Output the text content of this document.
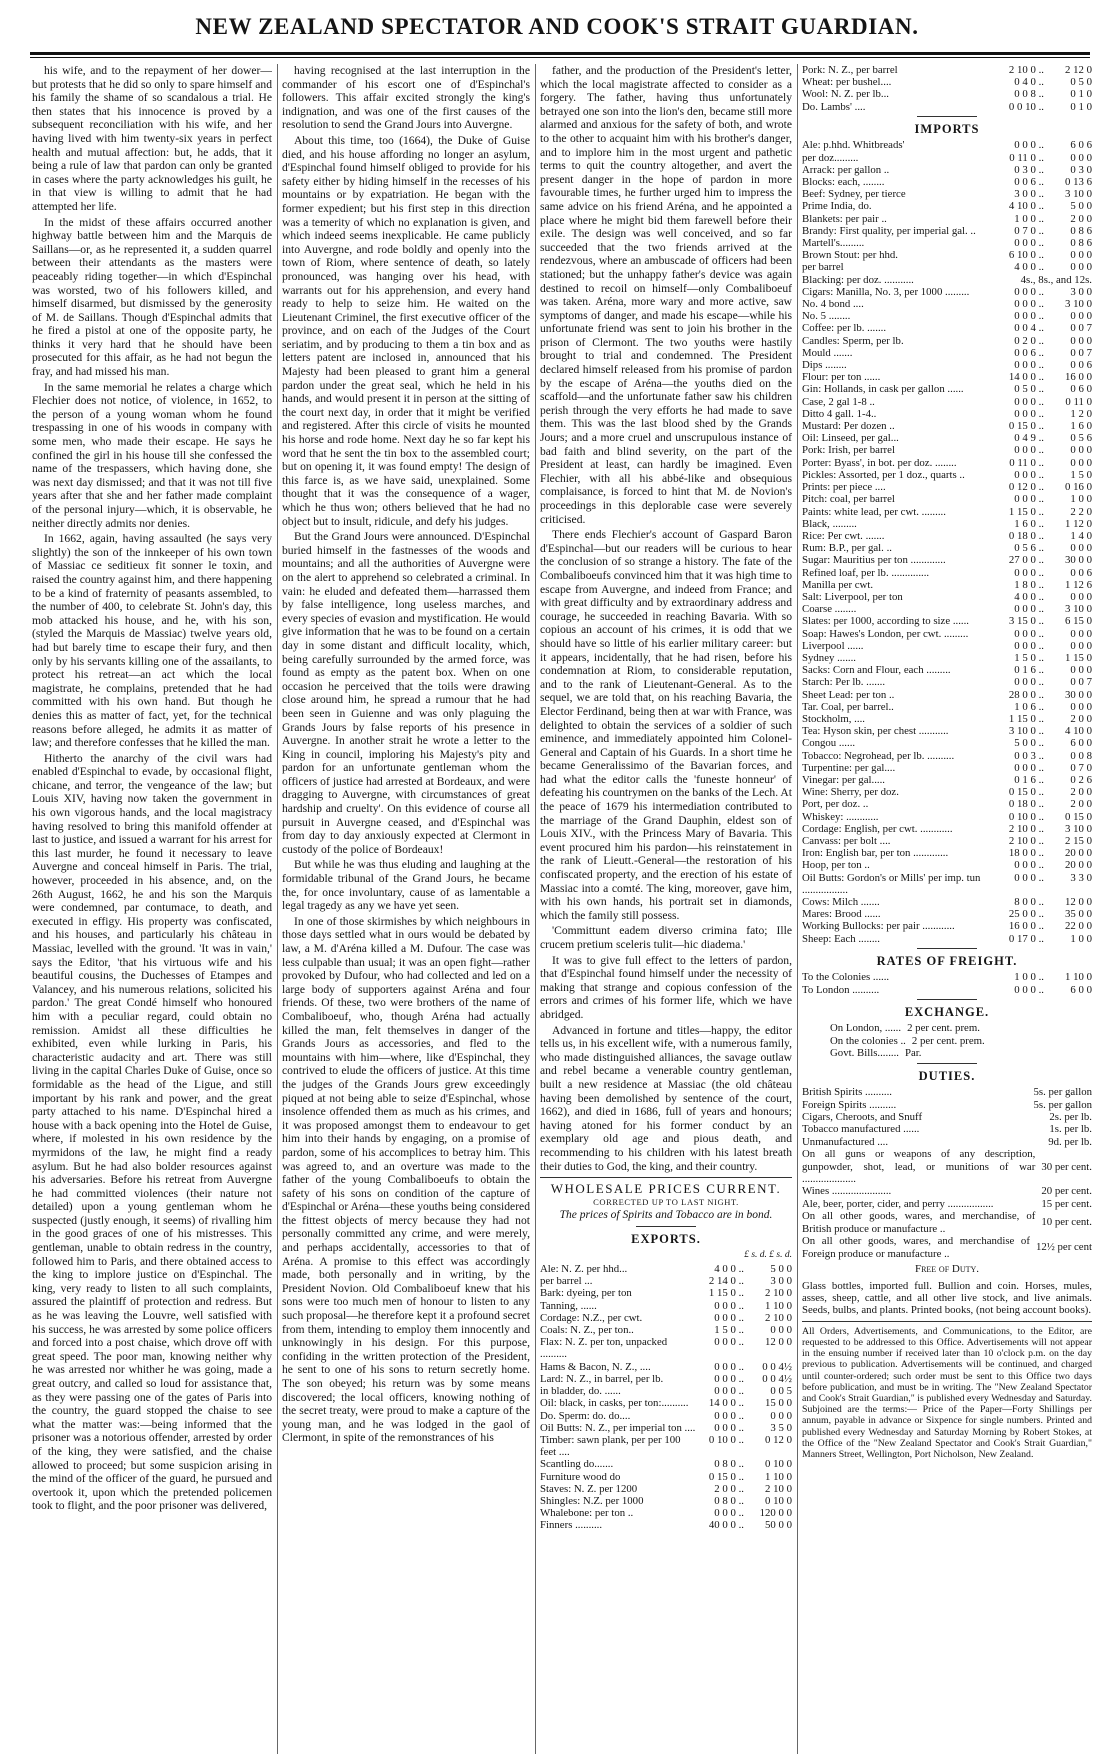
NEW ZEALAND SPECTATOR AND COOK'S STRAIT GUARDIAN.

his wife, and to the repayment of her dower—but protests that he did so only to spare himself and his family the shame of so scandalous a trial. He then states that his innocence is proved by a subsequent reconciliation with his wife, and her having lived with him twenty-six years in perfect health and mutual affection: but, he adds, that it being a rule of law that pardon can only be granted in cases where the party acknowledges his guilt, he in that view is willing to admit that he had attempted her life.

In the midst of these affairs occurred another highway battle between him and the Marquis de Saillans—or, as he represented it, a sudden quarrel between their attendants as the masters were peaceably riding together—in which d'Espinchal was worsted, two of his followers killed, and himself disarmed, but dismissed by the generosity of M. de Saillans. Though d'Espinchal admits that he fired a pistol at one of the opposite party, he thinks it very hard that he should have been prosecuted for this affair, as he had not begun the fray, and had missed his man.

In the same memorial he relates a charge which Flechier does not notice, of violence, in 1652, to the person of a young woman whom he found trespassing in one of his woods in company with some men, who made their escape. He says he confined the girl in his house till she confessed the name of the trespassers, which having done, she was next day dismissed; and that it was not till five years after that she and her father made complaint of the personal injury—which, it is observable, he neither directly admits nor denies.

In 1662, again, having assaulted (he says very slightly) the son of the innkeeper of his own town of Massiac ce seditieux fit sonner le toxin, and raised the country against him, and there happening to be a kind of fraternity of peasants assembled, to the number of 400, to celebrate St. John's day, this mob attacked his house, and he, with his son, (styled the Marquis de Massiac) twelve years old, had but barely time to escape their fury, and then only by his servants killing one of the assailants, to protect his retreat—an act which the local magistrate, he complains, pretended that he had committed with his own hand. But though he denies this as matter of fact, yet, for the technical reasons before alleged, he admits it as matter of law; and therefore confesses that he killed the man.

Hitherto the anarchy of the civil wars had enabled d'Espinchal to evade, by occasional flight, chicane, and terror, the vengeance of the law; but Louis XIV, having now taken the government in his own vigorous hands, and the local magistracy having resolved to bring this manifold offender at last to justice, and issued a warrant for his arrest for this last murder, he found it necessary to leave Auvergne and conceal himself in Paris. The trial, however, proceeded in his absence, and, on the 26th August, 1662, he and his son the Marquis were condemned, par contumace, to death, and executed in effigy. His property was confiscated, and his houses, and particularly his château in Massiac, levelled with the ground. 'It was in vain,' says the Editor, 'that his virtuous wife and his beautiful cousins, the Duchesses of Etampes and Valancey, and his numerous relations, solicited his pardon.' The great Condé himself who honoured him with a peculiar regard, could obtain no remission. Amidst all these difficulties he exhibited, even while lurking in Paris, his characteristic audacity and art. There was still living in the capital Charles Duke of Guise, once so formidable as the head of the Ligue, and still important by his rank and power, and the great party attached to his name. D'Espinchal hired a house with a back opening into the Hotel de Guise, where, if molested in his own residence by the myrmidons of the law, he might find a ready asylum. But he had also bolder resources against his adversaries. Before his retreat from Auvergne he had committed violences (their nature not detailed) upon a young gentleman whom he suspected (justly enough, it seems) of rivalling him in the good graces of one of his mistresses. This gentleman, unable to obtain redress in the country, followed him to Paris, and there obtained access to the king to implore justice on d'Espinchal. The king, very ready to listen to all such complaints, assured the plaintiff of protection and redress. But as he was leaving the Louvre, well satisfied with his success, he was arrested by some police officers and forced into a post chaise, which drove off with great speed. The poor man, knowing neither why he was arrested nor whither he was going, made a great outcry, and called so loud for assistance that, as they were passing one of the gates of Paris into the country, the guard stopped the chaise to see what the matter was:—being informed that the prisoner was a notorious offender, arrested by order of the king, they were satisfied, and the chaise allowed to proceed; but some suspicion arising in the mind of the officer of the guard, he pursued and overtook it, upon which the pretended policemen took to flight, and the poor prisoner was delivered,

having recognised at the last interruption in the commander of his escort one of d'Espinchal's followers. This affair excited strongly the king's indignation, and was one of the first causes of the resolution to send the Grand Jours into Auvergne.

About this time, too (1664), the Duke of Guise died, and his house affording no longer an asylum, d'Espinchal found himself obliged to provide for his safety either by hiding himself in the recesses of his mountains or by expatriation. He began with the former expedient; but his first step in this direction was a temerity of which no explanation is given, and which indeed seems inexplicable. He came publicly into Auvergne, and rode boldly and openly into the town of Riom, where sentence of death, so lately pronounced, was hanging over his head, with warrants out for his apprehension, and every hand ready to help to seize him. He waited on the Lieutenant Criminel, the first executive officer of the province, and on each of the Judges of the Court seriatim, and by producing to them a tin box and as letters patent are inclosed in, announced that his Majesty had been pleased to grant him a general pardon under the great seal, which he held in his hands, and would present it in person at the sitting of the court next day, in order that it might be verified and registered. After this circle of visits he mounted his horse and rode home. Next day he so far kept his word that he sent the tin box to the assembled court; but on opening it, it was found empty! The design of this farce is, as we have said, unexplained. Some thought that it was the consequence of a wager, which he thus won; others believed that he had no object but to insult, ridicule, and defy his judges.

But the Grand Jours were announced. D'Espinchal buried himself in the fastnesses of the woods and mountains; and all the authorities of Auvergne were on the alert to apprehend so celebrated a criminal. In vain: he eluded and defeated them—harrassed them by false intelligence, long useless marches, and every species of evasion and mystification. He would give information that he was to be found on a certain day in some distant and difficult locality, which, being carefully surrounded by the armed force, was found as empty as the patent box. When on one occasion he perceived that the toils were drawing close around him, he spread a rumour that he had been seen in Guienne and was only plaguing the Grands Jours by false reports of his presence in Auvergne. In another strait he wrote a letter to the King in council, imploring his Majesty's pity and pardon for an unfortunate gentleman whom the officers of justice had arrested at Bordeaux, and were dragging to Auvergne, with circumstances of great hardship and cruelty'. On this evidence of course all pursuit in Auvergne ceased, and d'Espinchal was from day to day anxiously expected at Clermont in custody of the police of Bordeaux!

But while he was thus eluding and laughing at the formidable tribunal of the Grand Jours, he became the, for once involuntary, cause of as lamentable a legal tragedy as any we have yet seen.

In one of those skirmishes by which neighbours in those days settled what in ours would be debated by law, a M. d'Aréna killed a M. Dufour. The case was less culpable than usual; it was an open fight—rather provoked by Dufour, who had collected and led on a large body of supporters against Aréna and four friends. Of these, two were brothers of the name of Combaliboeuf, who, though Aréna had actually killed the man, felt themselves in danger of the Grands Jours as accessories, and fled to the mountains with him—where, like d'Espinchal, they contrived to elude the officers of justice. At this time the judges of the Grands Jours grew exceedingly piqued at not being able to seize d'Espinchal, whose insolence offended them as much as his crimes, and it was proposed amongst them to endeavour to get him into their hands by engaging, on a promise of pardon, some of his accomplices to betray him. This was agreed to, and an overture was made to the father of the young Combaliboeufs to obtain the safety of his sons on condition of the capture of d'Espinchal or Aréna—these youths being considered the fittest objects of mercy because they had not personally committed any crime, and were merely, and perhaps accidentally, accessories to that of Aréna. A promise to this effect was accordingly made, both personally and in writing, by the President Novion. Old Combaliboeuf knew that his sons were too much men of honour to listen to any such proposal—he therefore kept it a profound secret from them, intending to employ them innocently and unknowingly in his design. For this purpose, confiding in the written protection of the President, he sent to one of his sons to return secretly home. The son obeyed; his return was by some means discovered; the local officers, knowing nothing of the secret treaty, were proud to make a capture of the young man, and he was lodged in the gaol of Clermont, in spite of the remonstrances of his

father, and the production of the President's letter, which the local magistrate affected to consider as a forgery. The father, having thus unfortunately betrayed one son into the lion's den, became still more alarmed and anxious for the safety of both, and wrote to the other to acquaint him with his brother's danger, and to implore him in the most urgent and pathetic terms to quit the country altogether, and avert the present danger in the hope of pardon in more favourable times, he further urged him to impress the same advice on his friend Aréna, and he appointed a place where he might bid them farewell before their exile. The design was well conceived, and so far succeeded that the two friends arrived at the rendezvous, where an ambuscade of officers had been stationed; but the unhappy father's device was again destined to recoil on himself—only Combaliboeuf was taken. Aréna, more wary and more active, saw symptoms of danger, and made his escape—while his unfortunate friend was sent to join his brother in the prison of Clermont. The two youths were hastily brought to trial and condemned. The President declared himself released from his promise of pardon by the escape of Aréna—the youths died on the scaffold—and the unfortunate father saw his children perish through the very efforts he had made to save them. This was the last blood shed by the Grands Jours; and a more cruel and unscrupulous instance of bad faith and blind severity, on the part of the President at least, can hardly be imagined. Even Flechier, with all his abbé-like and obsequious complaisance, is forced to hint that M. de Novion's proceedings in this deplorable case were severely criticised.

There ends Flechier's account of Gaspard Baron d'Espinchal—but our readers will be curious to hear the conclusion of so strange a history. The fate of the Combaliboeufs convinced him that it was high time to escape from Auvergne, and indeed from France; and with great difficulty and by extraordinary address and courage, he succeeded in reaching Bavaria. With so copious an account of his crimes, it is odd that we should have so little of his earlier military career: but it appears, incidentally, that he had risen, before his condemnation at Riom, to considerable reputation, and to the rank of Lieutenant-General. As to the sequel, we are told that, on his reaching Bavaria, the Elector Ferdinand, being then at war with France, was delighted to obtain the services of a soldier of such eminence, and immediately appointed him Colonel-General and Captain of his Guards. In a short time he became Generalissimo of the Bavarian forces, and had what the editor calls the 'funeste honneur' of defeating his countrymen on the banks of the Lech. At the peace of 1679 his intermediation contributed to the marriage of the Grand Dauphin, eldest son of Louis XIV., with the Princess Mary of Bavaria. This event procured him his pardon—his reinstatement in the rank of Lieutt.-General—the restoration of his confiscated property, and the erection of his estate of Massiac into a comté. The king, moreover, gave him, with his own hands, his portrait set in diamonds, which the family still possess.

'Committunt eadem diverso crimina fato; Ille crucem pretium sceleris tulit—hic diadema.'

It was to give full effect to the letters of pardon, that d'Espinchal found himself under the necessity of making that strange and copious confession of the errors and crimes of his former life, which we have abridged.

Advanced in fortune and titles—happy, the editor tells us, in his excellent wife, with a numerous family, who made distinguished alliances, the savage outlaw and rebel became a venerable country gentleman, built a new residence at Massiac (the old château having been demolished by sentence of the court, 1662), and died in 1686, full of years and honours; having atoned for his former conduct by an exemplary old age and pious death, and recommending to his children with his latest breath their duties to God, the king, and their country.

WHOLESALE PRICES CURRENT.
CORRECTED UP TO LAST NIGHT.
The prices of Spirits and Tobacco are in bond.
EXPORTS.
£ s. d. £ s. d.
Ale: N. Z. per hhd...	4 0 0 ..	5 0 0
per barrel ...	2 14 0 ..	3 0 0
Bark: dyeing, per ton	1 15 0 ..	2 10 0
Tanning, ......	0 0 0 ..	1 10 0
Cordage: N.Z., per cwt.	0 0 0 ..	2 10 0
Coals: N. Z., per ton..	1 5 0 ..	0 0 0
Flax: N. Z. per ton, unpacked ..........	0 0 0 ..	12 0 0
Hams & Bacon, N. Z., ....	0 0 0 ..	0 0 4½
Lard: N. Z., in barrel, per lb.	0 0 0 ..	0 0 4½
in bladder, do. ......	0 0 0 ..	0 0 5
Oil: black, in casks, per ton:..........	14 0 0 ..	15 0 0
Do. Sperm: do. do....	0 0 0 ..	0 0 0
Oil Butts: N. Z., per imperial ton ....	0 0 0 ..	3 5 0
Timber: sawn plank, per per 100 feet ....	0 10 0 ..	0 12 0
Scantling do.......	0 8 0 ..	0 10 0
Furniture wood do	0 15 0 ..	1 10 0
Staves: N. Z. per 1200	2 0 0 ..	2 10 0
Shingles: N.Z. per 1000	0 8 0 ..	0 10 0
Whalebone: per ton ..	0 0 0 ..	120 0 0
Finners ..........	40 0 0 ..	50 0 0
Pork: N. Z., per barrel	2 10 0 ..	2 12 0
Wheat: per bushel....	0 4 0 ..	0 5 0
Wool: N. Z. per lb...	0 0 8 ..	0 1 0
Do. Lambs' ....	0 0 10 ..	0 1 0
IMPORTS
Ale: p.hhd. Whitbreads'	0 0 0 ..	6 0 6
per doz.........	0 11 0 ..	0 0 0
Arrack: per gallon ..	0 3 0 ..	0 3 0
Blocks: each, ........	0 0 6 ..	0 13 6
Beef: Sydney, per tierce	3 0 0 ..	3 10 0
Prime India, do.	4 10 0 ..	5 0 0
Blankets: per pair ..	1 0 0 ..	2 0 0
Brandy: First quality, per imperial gal. ..	0 7 0 ..	0 8 6
Martell's.........	0 0 0 ..	0 8 6
Brown Stout: per hhd.	6 10 0 ..	0 0 0
per barrel	4 0 0 ..	0 0 0
Blacking: per doz. ...........	4s., 8s., and 12s.	
Cigars: Manilla, No. 3, per 1000 .........	0 0 0 ..	3 0 0
No. 4 bond ....	0 0 0 ..	3 10 0
No. 5 ........	0 0 0 ..	0 0 0
Coffee: per lb. .......	0 0 4 ..	0 0 7
Candles: Sperm, per lb.	0 2 0 ..	0 0 0
Mould .......	0 0 6 ..	0 0 7
Dips ........	0 0 0 ..	0 0 6
Flour: per ton ......	14 0 0 ..	16 0 0
Gin: Hollands, in cask per gallon ......	0 5 0 ..	0 6 0
Case, 2 gal 1-8 ..	0 0 0 ..	0 11 0
Ditto 4 gall. 1-4..	0 0 0 ..	1 2 0
Mustard: Per dozen ..	0 15 0 ..	1 6 0
Oil: Linseed, per gal...	0 4 9 ..	0 5 6
Pork: Irish, per barrel	0 0 0 ..	0 0 0
Porter: Byass', in bot. per doz. ........	0 11 0 ..	0 0 0
Pickles: Assorted, per 1 doz., quarts ..	0 0 0 ..	1 5 0
Prints: per piece ....	0 12 0 ..	0 16 0
Pitch: coal, per barrel	0 0 0 ..	1 0 0
Paints: white lead, per cwt. .........	1 15 0 ..	2 2 0
Black, .........	1 6 0 ..	1 12 0
Rice: Per cwt. .......	0 18 0 ..	1 4 0
Rum: B.P., per gal. ..	0 5 6 ..	0 0 0
Sugar: Mauritius per ton .............	27 0 0 ..	30 0 0
Refined loaf, per lb. ..............	0 0 0 ..	0 0 6
Manilla per cwt.	1 8 0 ..	1 12 6
Salt: Liverpool, per ton	4 0 0 ..	0 0 0
Coarse ........	0 0 0 ..	3 10 0
Slates: per 1000, according to size ......	3 15 0 ..	6 15 0
Soap: Hawes's London, per cwt. .........	0 0 0 ..	0 0 0
Liverpool ......	0 0 0 ..	0 0 0
Sydney .......	1 5 0 ..	1 15 0
Sacks: Corn and Flour, each .........	0 1 6 ..	0 0 0
Starch: Per lb. .......	0 0 0 ..	0 0 7
Sheet Lead: per ton ..	28 0 0 ..	30 0 0
Tar. Coal, per barrel..	1 0 6 ..	0 0 0
Stockholm, ....	1 15 0 ..	2 0 0
Tea: Hyson skin, per chest ...........	3 10 0 ..	4 10 0
Congou ......	5 0 0 ..	6 0 0
Tobacco: Negrohead, per lb. ..........	0 0 3 ..	0 0 8
Turpentine: per gal....	0 0 0 ..	0 7 0
Vinegar: per gal.....	0 1 6 ..	0 2 6
Wine: Sherry, per doz.	0 15 0 ..	2 0 0
Port, per doz. ..	0 18 0 ..	2 0 0
Whiskey: ............	0 10 0 ..	0 15 0
Cordage: English, per cwt. ............	2 10 0 ..	3 10 0
Canvass: per bolt ....	2 10 0 ..	2 15 0
Iron: English bar, per ton .............	18 0 0 ..	20 0 0
Hoop, per ton ..	0 0 0 ..	20 0 0
Oil Butts: Gordon's or Mills' per imp. tun .................	0 0 0 ..	3 3 0
Cows: Milch .......	8 0 0 ..	12 0 0
Mares: Brood ......	25 0 0 ..	35 0 0
Working Bullocks: per pair ............	16 0 0 ..	22 0 0
Sheep: Each ........	0 17 0 ..	1 0 0
RATES OF FREIGHT.
To the Colonies ......	1 0 0 ..	1 10 0
To London ..........	0 0 0 ..	6 0 0
EXCHANGE.
On London, ...... 2 per cent. prem.
On the colonies .. 2 per cent. prem.
Govt. Bills........ Par.
DUTIES.
British Spirits ..........	5s. per gallon
Foreign Spirits ..........	5s. per gallon
Cigars, Cheroots, and Snuff	2s. per lb.
Tobacco manufactured ......	1s. per lb.
Unmanufactured ....	9d. per lb.
On all guns or weapons of any description, gunpowder, shot, lead, or munitions of war ....................
30 per cent.
Wines ......................	20 per cent.
Ale, beer, porter, cider, and perry .................	15 per cent.
On all other goods, wares, and merchandise, of British produce or manufacture ..
10 per cent.
On all other goods, wares, and merchandise of Foreign produce or manufacture ..
12½ per cent
Free of Duty.
Glass bottles, imported full. Bullion and coin. Horses, mules, asses, sheep, cattle, and all other live stock, and live animals. Seeds, bulbs, and plants. Printed books, (not being account books).
All Orders, Advertisements, and Communications, to the Editor, are requested to be addressed to this Office. Advertisements will not appear in the ensuing number if received later than 10 o'clock p.m. on the day previous to publication. Advertisements will be continued, and charged until counter-ordered; such order must be sent to this Office two days before publication, and must be in writing. The "New Zealand Spectator and Cook's Strait Guardian," is published every Wednesday and Saturday. Subjoined are the terms:— Price of the Paper—Forty Shillings per annum, payable in advance or Sixpence for single numbers. Printed and published every Wednesday and Saturday Morning by Robert Stokes, at the Office of the "New Zealand Spectator and Cook's Strait Guardian," Manners Street, Wellington, Port Nicholson, New Zealand.
